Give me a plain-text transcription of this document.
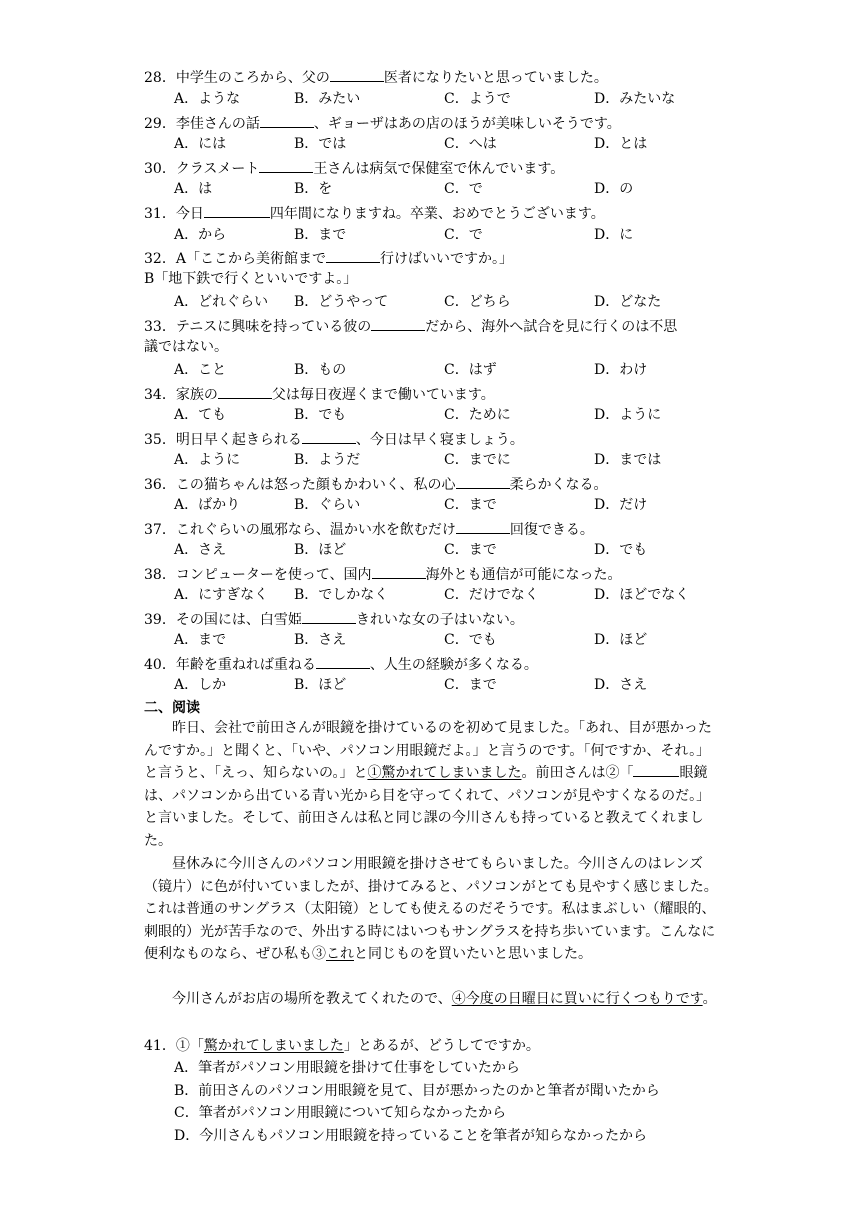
28．中学生のころから、父の	医者になりたいと思っていました。
A．ような	B．みたい	C．ようで	D．みたいな
29．李佳さんの話	、ギョーザはあの店のほうが美味しいそうです。
A．には	B．では	C．へは	D．とは
30．クラスメート	王さんは病気で保健室で休んでいます。
A．は	B．を	C．で	D．の
31．今日	四年間になりますね。卒業、おめでとうございます。
A．から	B．まで	C．で	D．に
32．A「ここから美術館まで	行けばいいですか。」
B「地下鉄で行くといいですよ。」
A．どれぐらい B．どうやって	C．どちら	D．どなた
33．テニスに興味を持っている彼の	だから、海外へ試合を見に行くのは不思
議ではない。
A．こと	B．もの	C．はず	D．わけ
34．家族の	父は毎日夜遅くまで働いています。
A．ても	B．でも	C．ために	D．ように
35．明日早く起きられる	、今日は早く寝ましょう。
A．ように	B．ようだ	C．までに	D．までは
36．この猫ちゃんは怒った顔もかわいく、私の心	柔らかくなる。
A．ばかり	B．ぐらい	C．まで	D．だけ
37．これぐらいの風邪なら、温かい水を飲むだけ	回復できる。
A．さえ	B．ほど	C．まで	D．でも
38．コンピューターを使って、国内	海外とも通信が可能になった。
A．にすぎなく B．でしかなく	C．だけでなく	D．ほどでなく
39．その国には、白雪姫	きれいな女の子はいない。
A．まで	B．さえ	C．でも	D．ほど
40．年齢を重ねれば重ねる	、人生の経験が多くなる。
A．しか	B．ほど	C．まで	D．さえ
二、阅读
昨日、会社で前田さんが眼鏡を掛けているのを初めて見ました。「あれ、目が悪かったんですか。」と聞くと、「いや、パソコン用眼鏡だよ。」と言うのです。「何ですか、それ。」と言うと、「えっ、知らないの。」と①驚かれてしまいました。前田さんは②「	眼鏡は、パソコンから出ている青い光から目を守ってくれて、パソコンが見やすくなるのだ。」と言いました。そして、前田さんは私と同じ課の今川さんも持っていると教えてくれました。
昼休みに今川さんのパソコン用眼鏡を掛けさせてもらいました。今川さんのはレンズ（镜片）に色が付いていましたが、掛けてみると、パソコンがとても見やすく感じました。これは普通のサングラス（太阳镜）としても使えるのだそうです。私はまぶしい（耀眼的、刺眼的）光が苦手なので、外出する時にはいつもサングラスを持ち歩いています。こんなに便利なものなら、ぜひ私も③これと同じものを買いたいと思いました。
今川さんがお店の場所を教えてくれたので、④今度の日曜日に買いに行くつもりです。
41．①「驚かれてしまいました」とあるが、どうしてですか。
A．筆者がパソコン用眼鏡を掛けて仕事をしていたから
B．前田さんのパソコン用眼鏡を見て、目が悪かったのかと筆者が聞いたから
C．筆者がパソコン用眼鏡について知らなかったから
D．今川さんもパソコン用眼鏡を持っていることを筆者が知らなかったから
